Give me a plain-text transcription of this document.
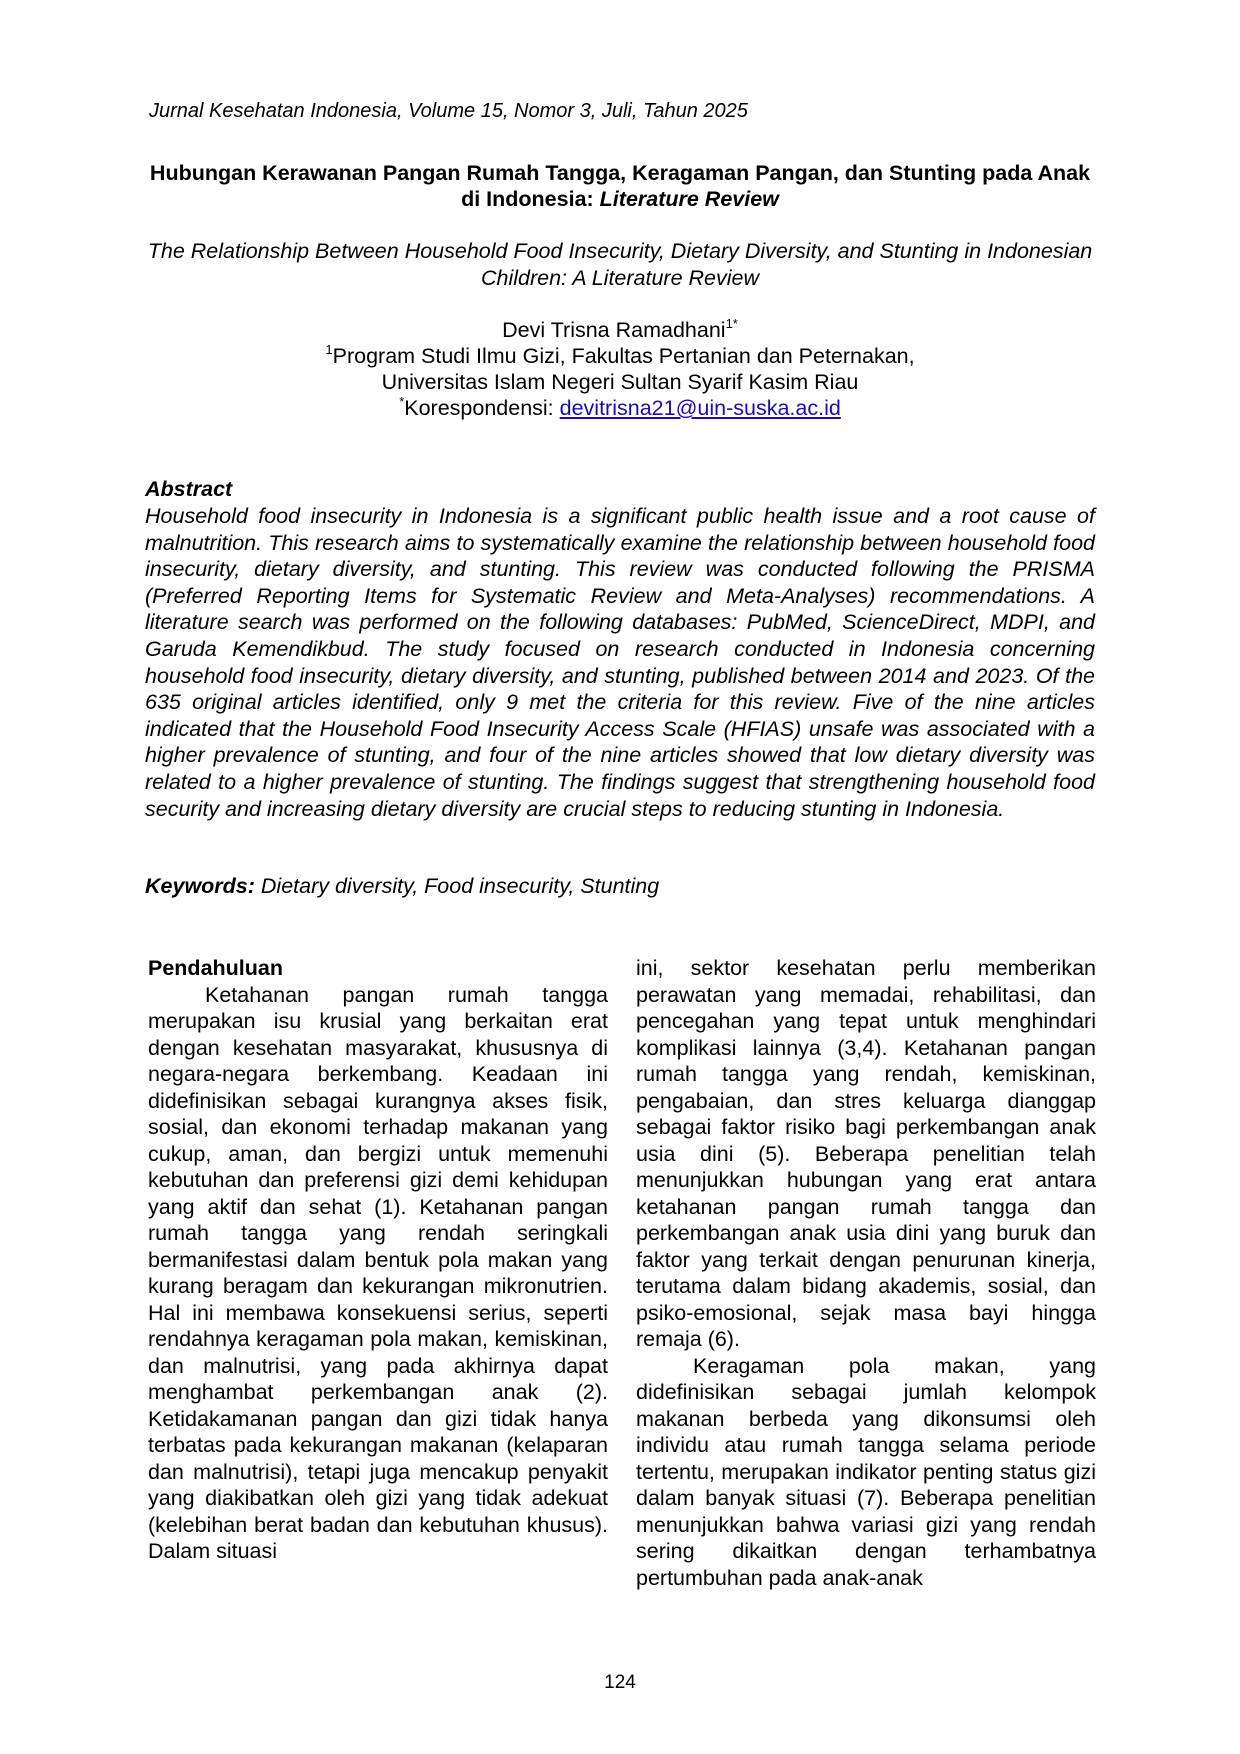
Jurnal Kesehatan Indonesia, Volume 15, Nomor 3, Juli, Tahun 2025
Hubungan Kerawanan Pangan Rumah Tangga, Keragaman Pangan, dan Stunting pada Anak di Indonesia: Literature Review
The Relationship Between Household Food Insecurity, Dietary Diversity, and Stunting in Indonesian Children: A Literature Review
Devi Trisna Ramadhani$^{1*}$
$^1$Program Studi Ilmu Gizi, Fakultas Pertanian dan Peternakan,
Universitas Islam Negeri Sultan Syarif Kasim Riau
*Korespondensi: devitrisna21@uin-suska.ac.id
Abstract
Household food insecurity in Indonesia is a significant public health issue and a root cause of malnutrition. This research aims to systematically examine the relationship between household food insecurity, dietary diversity, and stunting. This review was conducted following the PRISMA (Preferred Reporting Items for Systematic Review and Meta-Analyses) recommendations. A literature search was performed on the following databases: PubMed, ScienceDirect, MDPI, and Garuda Kemendikbud. The study focused on research conducted in Indonesia concerning household food insecurity, dietary diversity, and stunting, published between 2014 and 2023. Of the 635 original articles identified, only 9 met the criteria for this review. Five of the nine articles indicated that the Household Food Insecurity Access Scale (HFIAS) unsafe was associated with a higher prevalence of stunting, and four of the nine articles showed that low dietary diversity was related to a higher prevalence of stunting. The findings suggest that strengthening household food security and increasing dietary diversity are crucial steps to reducing stunting in Indonesia.
Keywords: Dietary diversity, Food insecurity, Stunting
Pendahuluan

Ketahanan pangan rumah tangga merupakan isu krusial yang berkaitan erat dengan kesehatan masyarakat, khususnya di negara-negara berkembang. Keadaan ini didefinisikan sebagai kurangnya akses fisik, sosial, dan ekonomi terhadap makanan yang cukup, aman, dan bergizi untuk memenuhi kebutuhan dan preferensi gizi demi kehidupan yang aktif dan sehat (1). Ketahanan pangan rumah tangga yang rendah seringkali bermanifestasi dalam bentuk pola makan yang kurang beragam dan kekurangan mikronutrien. Hal ini membawa konsekuensi serius, seperti rendahnya keragaman pola makan, kemiskinan, dan malnutrisi, yang pada akhirnya dapat menghambat perkembangan anak (2). Ketidakamanan pangan dan gizi tidak hanya terbatas pada kekurangan makanan (kelaparan dan malnutrisi), tetapi juga mencakup penyakit yang diakibatkan oleh gizi yang tidak adekuat (kelebihan berat badan dan kebutuhan khusus). Dalam situasi

ini, sektor kesehatan perlu memberikan perawatan yang memadai, rehabilitasi, dan pencegahan yang tepat untuk menghindari komplikasi lainnya (3,4). Ketahanan pangan rumah tangga yang rendah, kemiskinan, pengabaian, dan stres keluarga dianggap sebagai faktor risiko bagi perkembangan anak usia dini (5). Beberapa penelitian telah menunjukkan hubungan yang erat antara ketahanan pangan rumah tangga dan perkembangan anak usia dini yang buruk dan faktor yang terkait dengan penurunan kinerja, terutama dalam bidang akademis, sosial, dan psiko-emosional, sejak masa bayi hingga remaja (6).

Keragaman pola makan, yang didefinisikan sebagai jumlah kelompok makanan berbeda yang dikonsumsi oleh individu atau rumah tangga selama periode tertentu, merupakan indikator penting status gizi dalam banyak situasi (7). Beberapa penelitian menunjukkan bahwa variasi gizi yang rendah sering dikaitkan dengan terhambatnya pertumbuhan pada anak-anak

124
